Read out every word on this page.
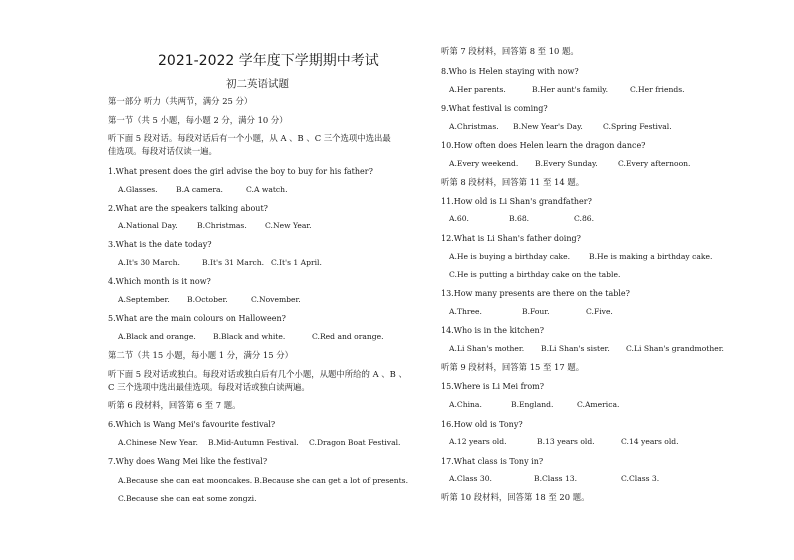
2021-2022 学年度下学期期中考试
初二英语试题
第一部分 听力（共两节，满分 25 分）
第一节（共 5 小题，每小题 2 分，满分 10 分）
听下面 5 段对话。每段对话后有一个小题，从 A 、B 、C 三个选项中选出最
佳选项。每段对话仅读一遍。
1.What present does the girl advise the boy to buy for his father?
A.Glasses. B.A camera.	C.A watch.
2.What are the speakers talking about?
A.National Day.	B.Christmas. C.New Year.
3.What is the date today?
A.It's 30 March.	B.It's 31 March. C.It's 1 April.
4.Which month is it now?
A.September. B.October.	C.November.
5.What are the main colours on Halloween?
A.Black and orange. B.Black and white.	C.Red and orange.
第二节（共 15 小题，每小题 1 分，满分 15 分）
听下面 5 段对话或独白。每段对话或独白后有几个小题，从题中所给的 A 、B 、
C 三个选项中选出最佳选项。每段对话或独白读两遍。
听第 6 段材料，回答第 6 至 7 题。
6.Which is Wang Mei's favourite festival?
A.Chinese New Year. B.Mid-Autumn Festival. C.Dragon Boat Festival.
7.Why does Wang Mei like the festival?
A.Because she can eat mooncakes. B.Because she can get a lot of presents.
C.Because she can eat some zongzi.
听第 7 段材料，回答第 8 至 10 题。
8.Who is Helen staying with now?
A.Her parents.	B.Her aunt's family.	C.Her friends.
9.What festival is coming?
A.Christmas. B.New Year's Day.	C.Spring Festival.
10.How often does Helen learn the dragon dance?
A.Every weekend. B.Every Sunday.	C.Every afternoon.
听第 8 段材料，回答第 11 至 14 题。
11.How old is Li Shan's grandfather?
A.60.	B.68.	C.86.
12.What is Li Shan's father doing?
A.He is buying a birthday cake.	B.He is making a birthday cake.
C.He is putting a birthday cake on the table.
13.How many presents are there on the table?
A.Three.	B.Four.	C.Five.
14.Who is in the kitchen?
A.Li Shan's mother. B.Li Shan's sister. C.Li Shan's grandmother.
听第 9 段材料，回答第 15 至 17 题。
15.Where is Li Mei from?
A.China.	B.England.	C.America.
16.How old is Tony?
A.12 years old.	B.13 years old.	C.14 years old.
17.What class is Tony in?
A.Class 30.	B.Class 13.	C.Class 3.
听第 10 段材料，回答第 18 至 20 题。
